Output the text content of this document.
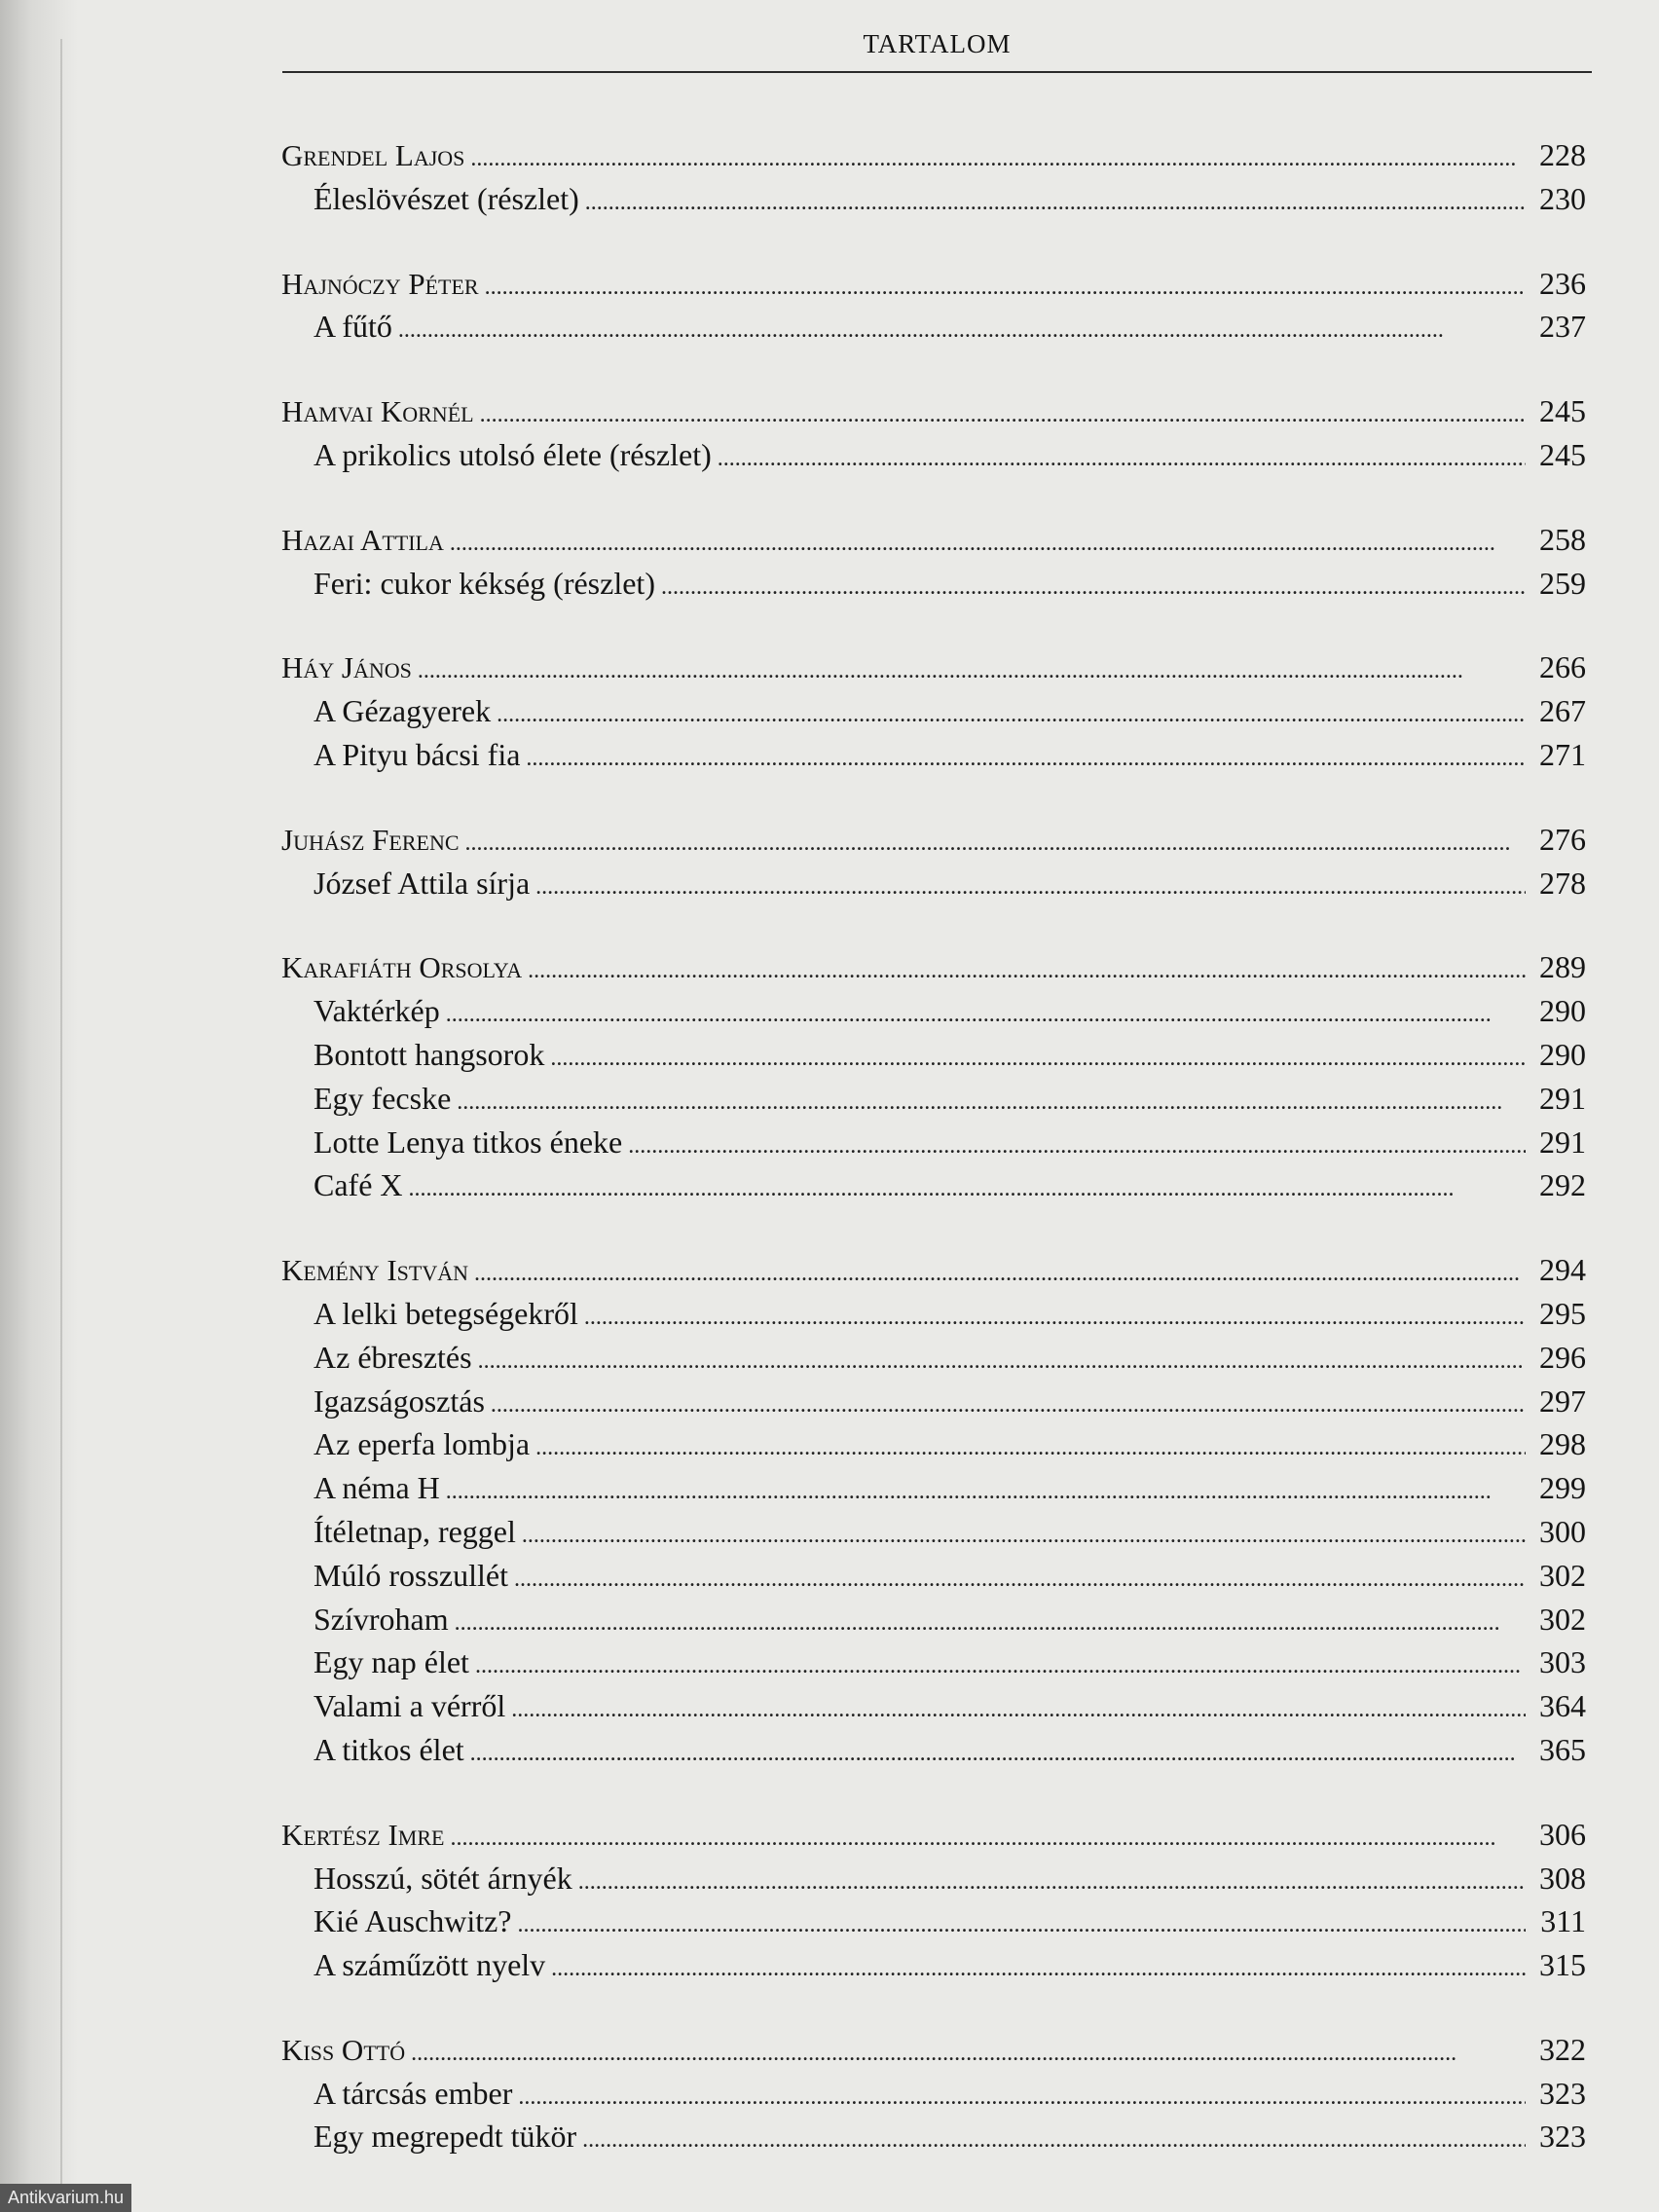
TARTALOM
Grendel Lajos . . .	228
Éleslövészet (részlet) . . .	230
Hajnóczy Péter . . .	236
A fűtő . . .	237
Hamvai Kornél . . .	245
A prikolics utolsó élete (részlet) . . .	245
Hazai Attila . . .	258
Feri: cukor kékség (részlet) . . .	259
Háy János . . .	266
A Gézagyerek . . .	267
A Pityu bácsi fia . . .	271
Juhász Ferenc . . .	276
József Attila sírja . . .	278
Karafiáth Orsolya . . .	289
Vaktérkép . . .	290
Bontott hangsorok . . .	290
Egy fecske . . .	291
Lotte Lenya titkos éneke . . .	291
Café X . . .	292
Kemény István . . .	294
A lelki betegségekről . . .	295
Az ébresztés . . .	296
Igazságosztás . . .	297
Az eperfa lombja . . .	298
A néma H . . .	299
Ítéletnap, reggel . . .	300
Múló rosszullét . . .	302
Szívroham . . .	302
Egy nap élet . . .	303
Valami a vérről . . .	364
A titkos élet . . .	365
Kertész Imre . . .	306
Hosszú, sötét árnyék . . .	308
Kié Auschwitz? . . .	311
A száműzött nyelv . . .	315
Kiss Ottó . . .	322
A tárcsás ember . . .	323
Egy megrepedt tükör . . .	323
Antikvarium.hu
